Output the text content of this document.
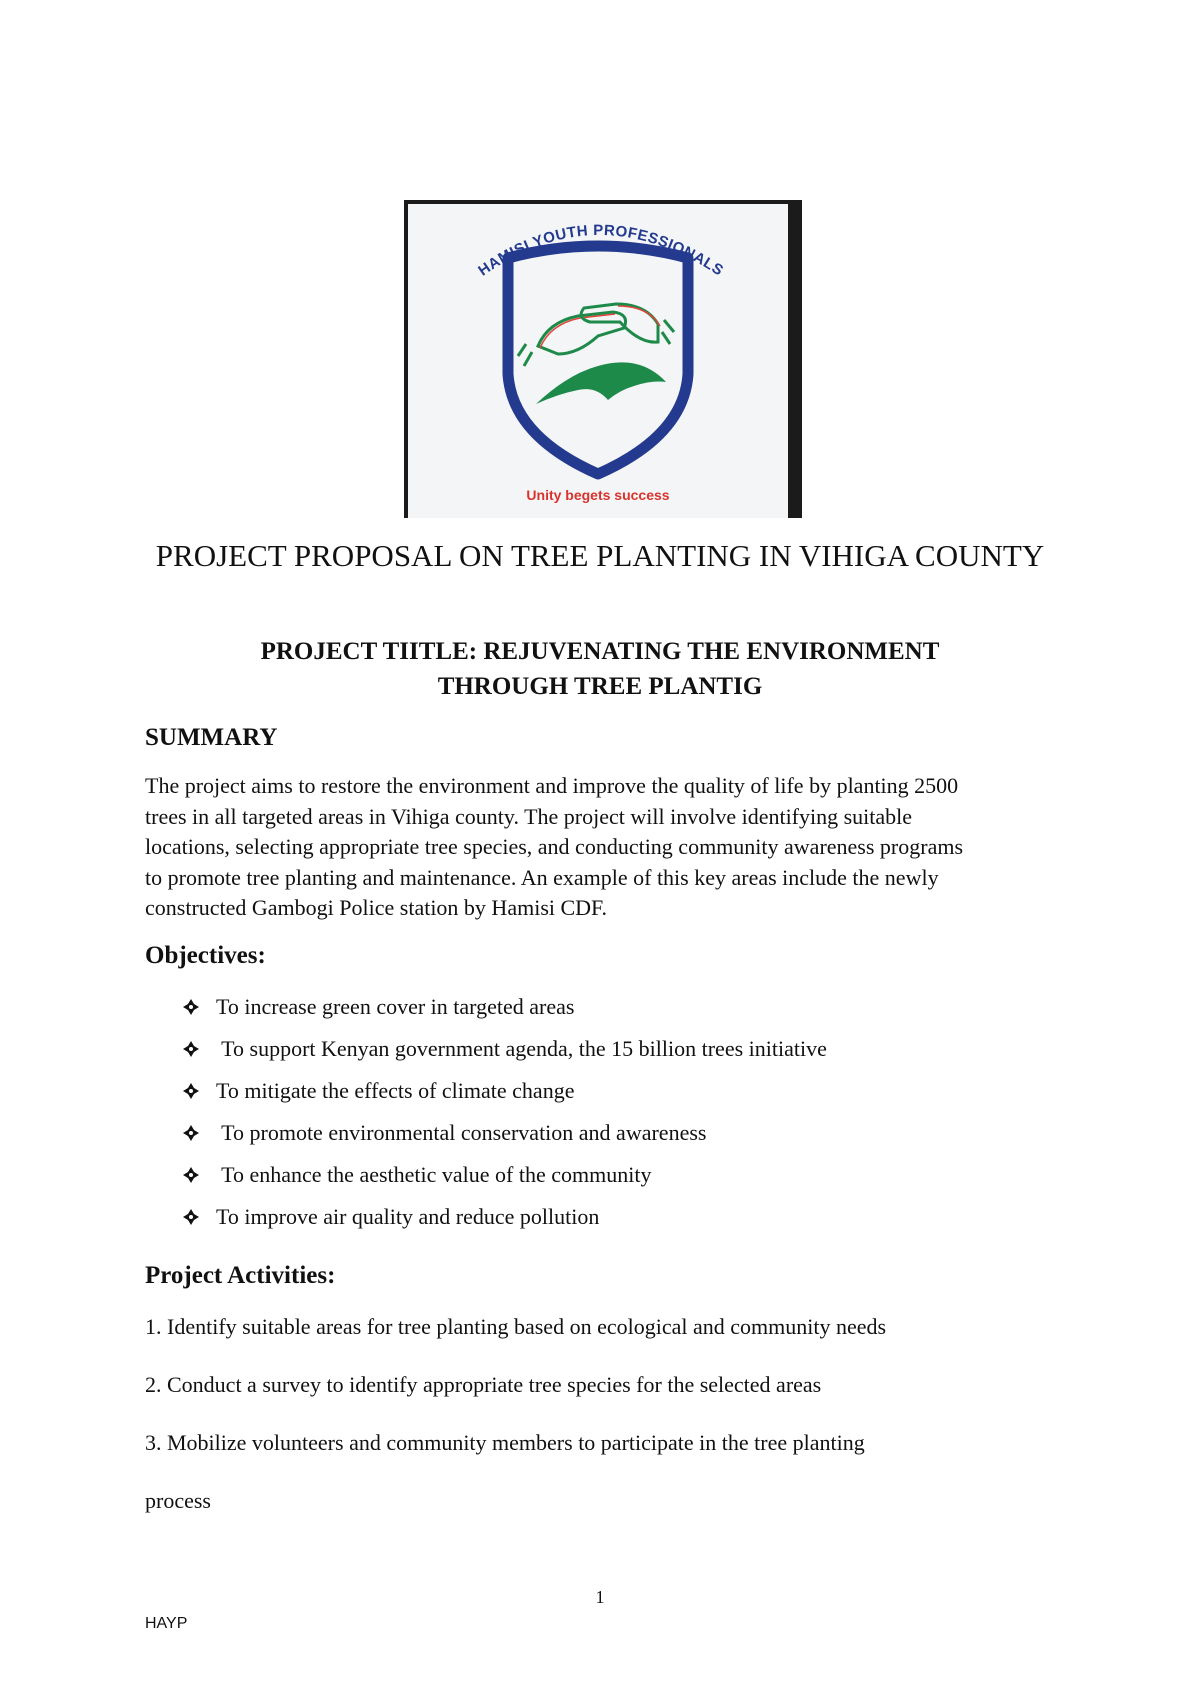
HAMISI YOUTH PROFESSIONALS
Unity begets success
PROJECT PROPOSAL ON TREE PLANTING IN VIHIGA COUNTY
PROJECT TIITLE: REJUVENATING THE ENVIRONMENT
THROUGH TREE PLANTIG
SUMMARY

The project aims to restore the environment and improve the quality of life by planting 2500
trees in all targeted areas in Vihiga county. The project will involve identifying suitable
locations, selecting appropriate tree species, and conducting community awareness programs
to promote tree planting and maintenance. An example of this key areas include the newly
constructed Gambogi Police station by Hamisi CDF.

Objectives:
To increase green cover in targeted areas
To support Kenyan government agenda, the 15 billion trees initiative
To mitigate the effects of climate change
To promote environmental conservation and awareness
To enhance the aesthetic value of the community
To improve air quality and reduce pollution
Project Activities:

1. Identify suitable areas for tree planting based on ecological and community needs

2. Conduct a survey to identify appropriate tree species for the selected areas

3. Mobilize volunteers and community members to participate in the tree planting

process

1
HAYP
